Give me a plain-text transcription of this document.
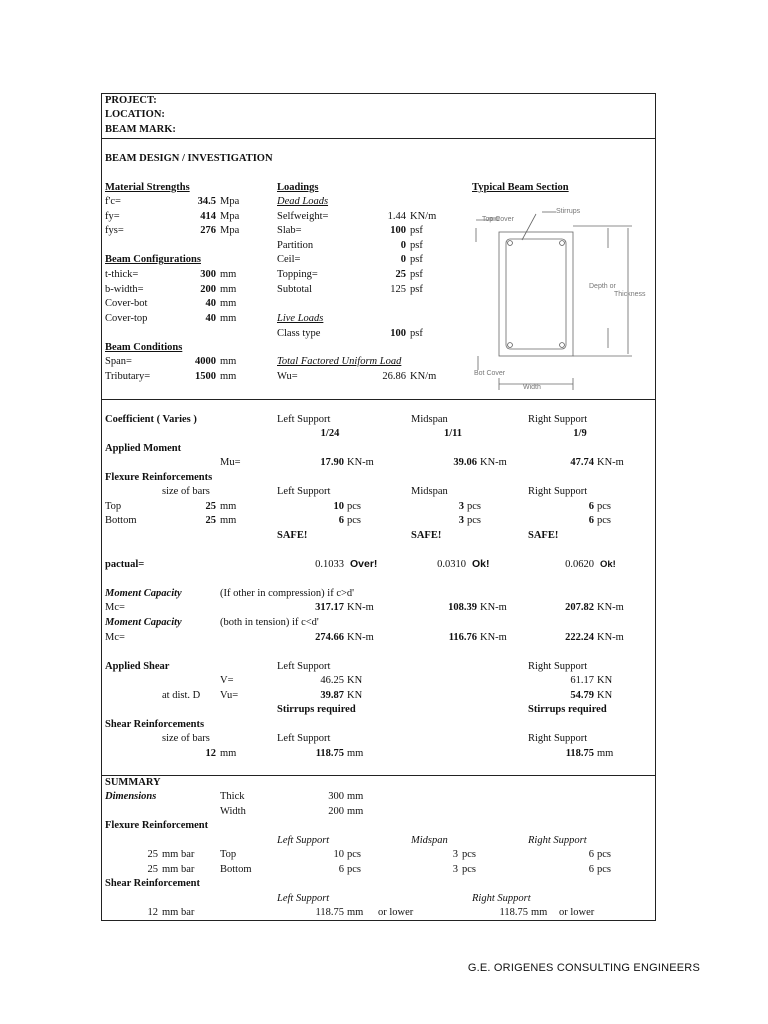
PROJECT:
LOCATION:
BEAM MARK:
BEAM DESIGN / INVESTIGATION
Material Strengths
f'c=	34.5 Mpa
fy=	414 Mpa
fys=	276 Mpa
Beam Configurations
t-thick=	300 mm
b-width=	200 mm
Cover-bot	40 mm
Cover-top	40 mm
Beam Conditions
Span=	4000 mm
Tributary=	1500 mm
Loadings
Dead Loads
Selfweight=	1.44 KN/m
Slab=	100 psf
Partition	0 psf
Ceil=	0 psf
Topping=	25 psf
Subtotal	125 psf
Live Loads
Class type	100 psf
Total Factored Uniform Load
Wu=	26.86 KN/m
Typical Beam Section
Top Cover
Stirrups
Depth or
Thickness
Bot Cover
Width
Coefficient ( Varies )	Left Support	Midspan	Right Support
1/24	1/11	1/9
Applied Moment
Mu=	17.90 KN-m	39.06 KN-m	47.74 KN-m
Flexure Reinforcements
size of bars	Left Support	Midspan	Right Support
Top	25 mm	10 pcs	3 pcs	6 pcs
Bottom	25 mm	6 pcs	3 pcs	6 pcs
SAFE!	SAFE!	SAFE!
pactual=	0.1033 Over!	0.0310 Ok!	0.0620 Ok!
Moment Capacity	(If other in compression) if c>d'
Mc=	317.17 KN-m	108.39 KN-m	207.82 KN-m
Moment Capacity	(both in tension) if c<d'
Mc=	274.66 KN-m	116.76 KN-m	222.24 KN-m
Applied Shear	Left Support	Right Support
V=	46.25 KN	61.17 KN
at dist. D Vu=	39.87 KN	54.79 KN
Stirrups required	Stirrups required
Shear Reinforcements
size of bars	Left Support	Right Support
12 mm	118.75 mm	118.75 mm
SUMMARY
Dimensions	Thick	300 mm
Width	200 mm
Flexure Reinforcement
Left Support	Midspan	Right Support
25 mm bar Top	10 pcs	3 pcs	6 pcs
25 mm bar Bottom	6 pcs	3 pcs	6 pcs
Shear Reinforcement
Left Support	Right Support
12 mm bar	118.75 mm or lower	118.75 mm or lower
G.E. ORIGENES CONSULTING ENGINEERS
